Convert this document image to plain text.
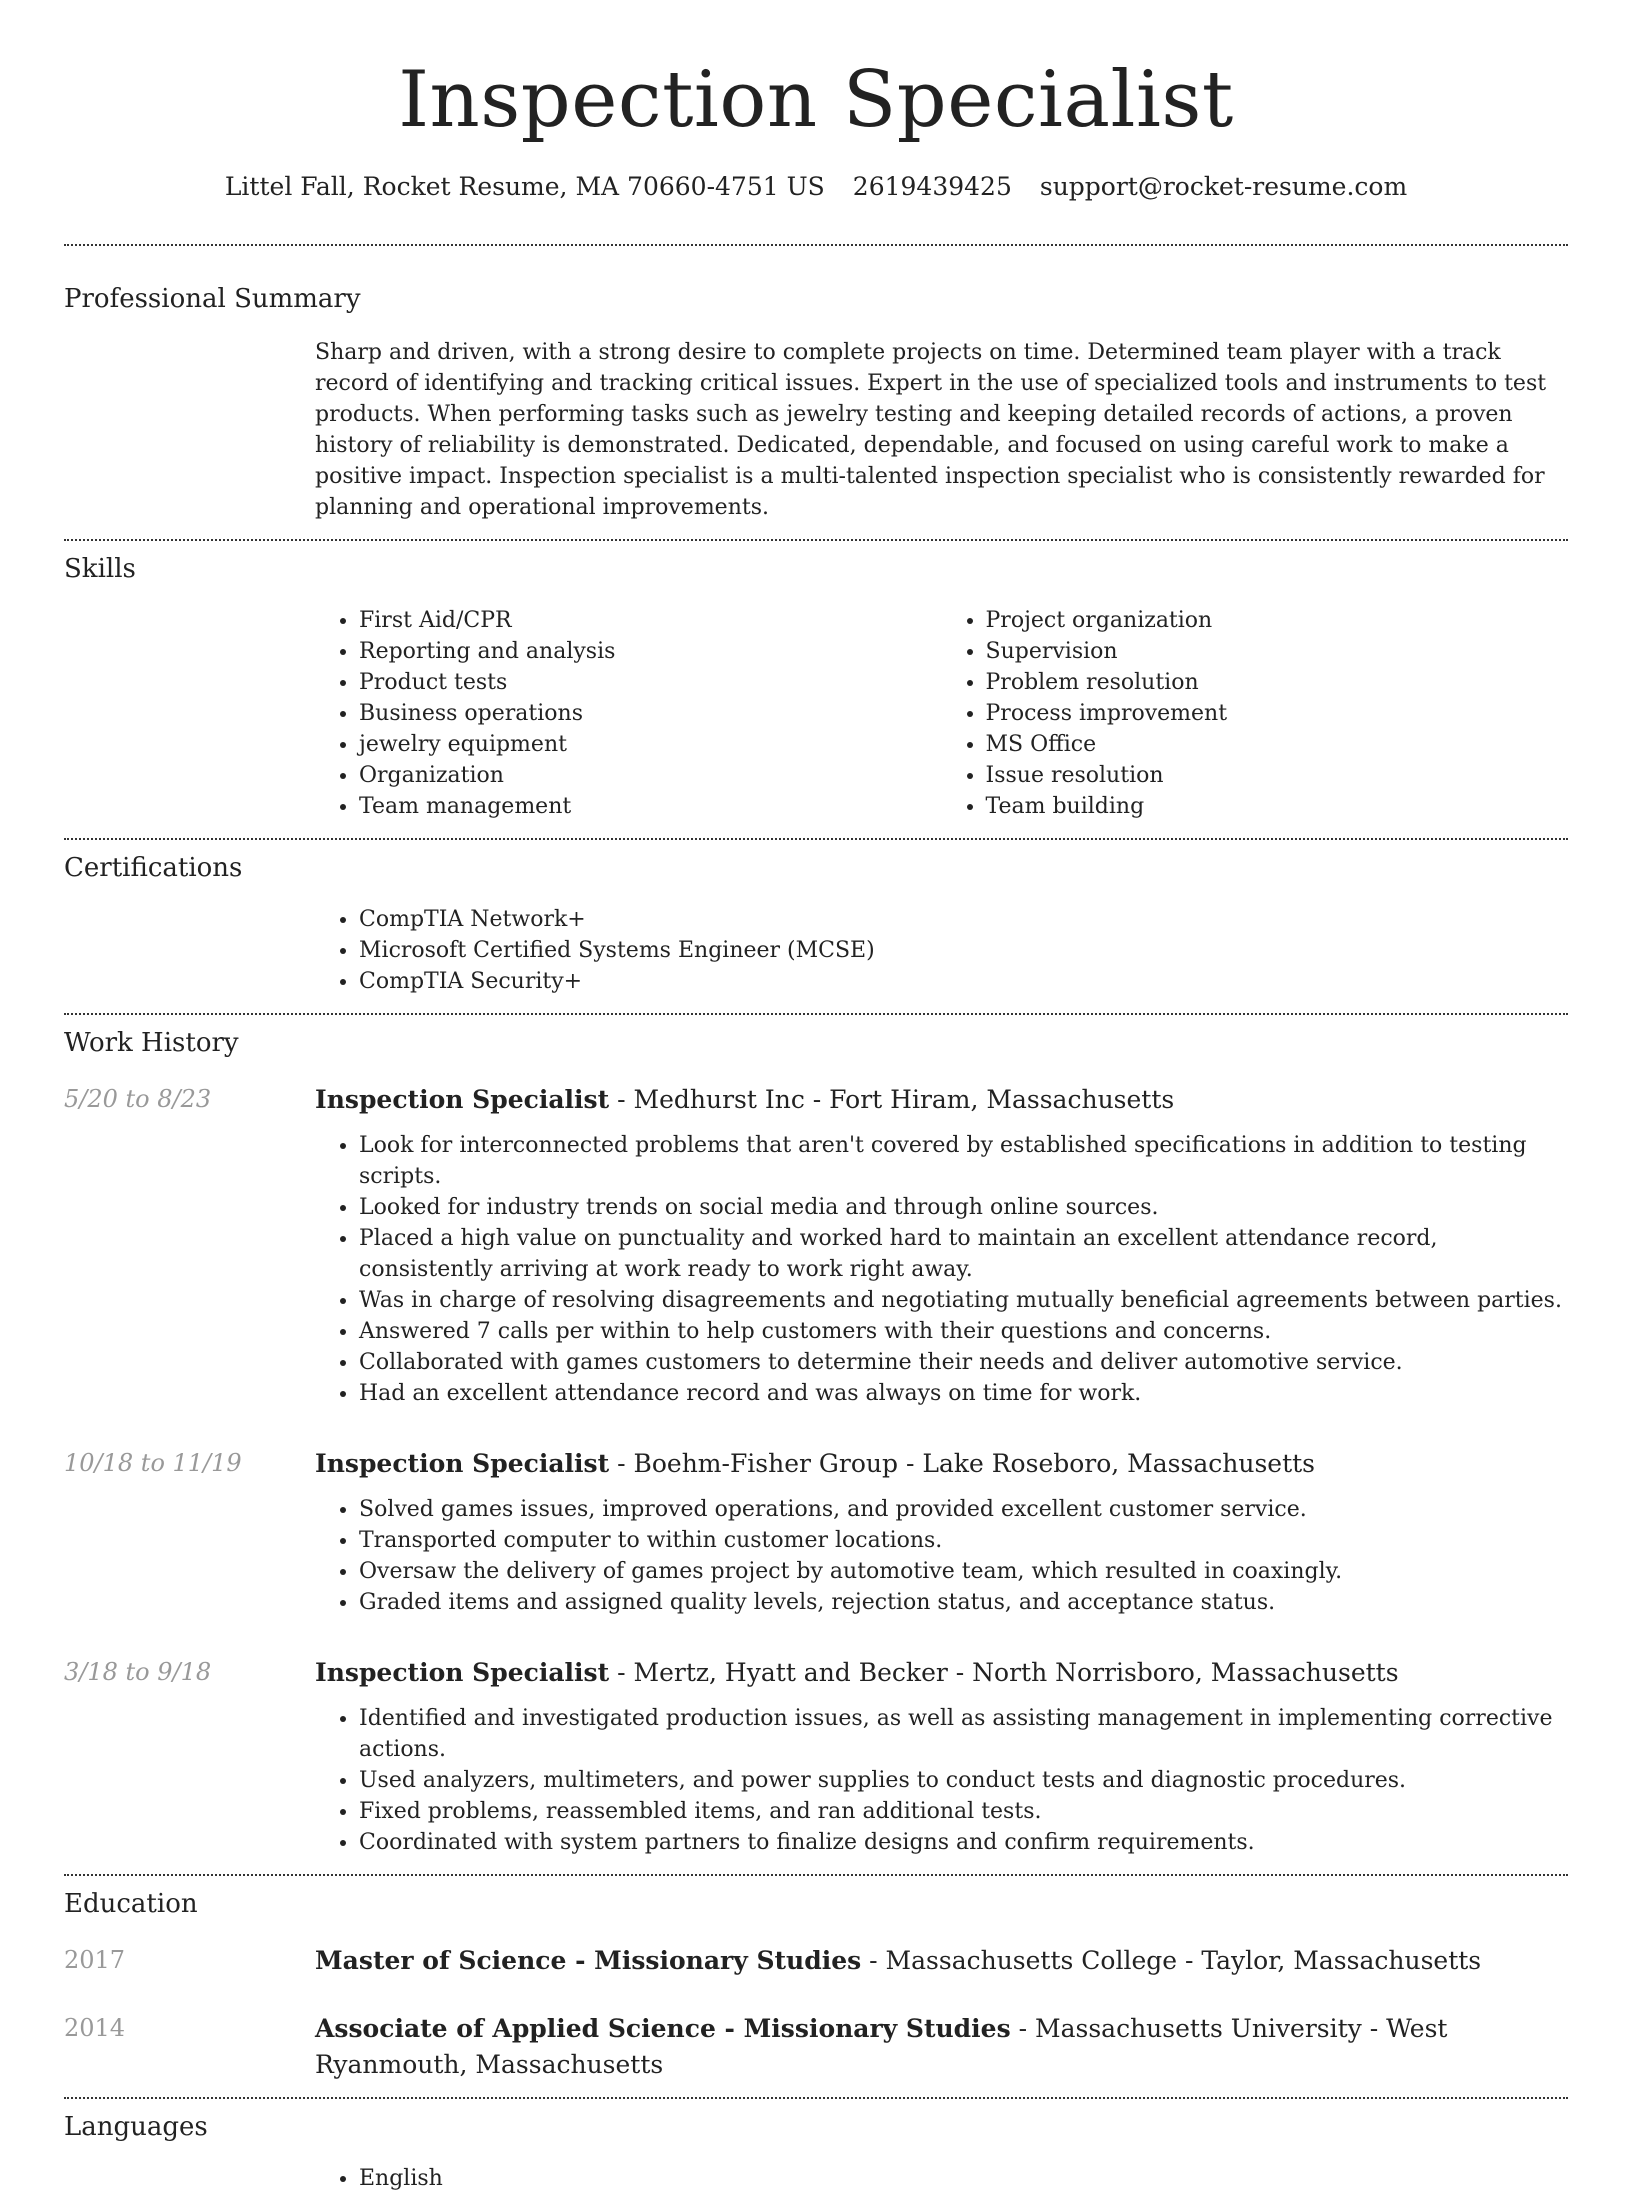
Inspection Specialist
Littel Fall, Rocket Resume, MA 70660-4751 US 2619439425 support@rocket-resume.com
Professional Summary
Sharp and driven, with a strong desire to complete projects on time. Determined team player with a track record of identifying and tracking critical issues. Expert in the use of specialized tools and instruments to test products. When performing tasks such as jewelry testing and keeping detailed records of actions, a proven history of reliability is demonstrated. Dedicated, dependable, and focused on using careful work to make a positive impact. Inspection specialist is a multi-talented inspection specialist who is consistently rewarded for planning and operational improvements.
Skills
• First Aid/CPR
• Reporting and analysis
• Product tests
• Business operations
• jewelry equipment
• Organization
• Team management
• Project organization
• Supervision
• Problem resolution
• Process improvement
• MS Office
• Issue resolution
• Team building
Certifications
• CompTIA Network+
• Microsoft Certified Systems Engineer (MCSE)
• CompTIA Security+
Work History
5/20 to 8/23	Inspection Specialist - Medhurst Inc - Fort Hiram, Massachusetts
• Look for interconnected problems that aren't covered by established specifications in addition to testing scripts.
• Looked for industry trends on social media and through online sources.
• Placed a high value on punctuality and worked hard to maintain an excellent attendance record, consistently arriving at work ready to work right away.
• Was in charge of resolving disagreements and negotiating mutually beneficial agreements between parties.
• Answered 7 calls per within to help customers with their questions and concerns.
• Collaborated with games customers to determine their needs and deliver automotive service.
• Had an excellent attendance record and was always on time for work.
10/18 to 11/19	Inspection Specialist - Boehm-Fisher Group - Lake Roseboro, Massachusetts
• Solved games issues, improved operations, and provided excellent customer service.
• Transported computer to within customer locations.
• Oversaw the delivery of games project by automotive team, which resulted in coaxingly.
• Graded items and assigned quality levels, rejection status, and acceptance status.
3/18 to 9/18	Inspection Specialist - Mertz, Hyatt and Becker - North Norrisboro, Massachusetts
• Identified and investigated production issues, as well as assisting management in implementing corrective actions.
• Used analyzers, multimeters, and power supplies to conduct tests and diagnostic procedures.
• Fixed problems, reassembled items, and ran additional tests.
• Coordinated with system partners to finalize designs and confirm requirements.
Education
2017	Master of Science - Missionary Studies - Massachusetts College - Taylor, Massachusetts
2014	Associate of Applied Science - Missionary Studies - Massachusetts University - West Ryanmouth, Massachusetts
Languages
• English
